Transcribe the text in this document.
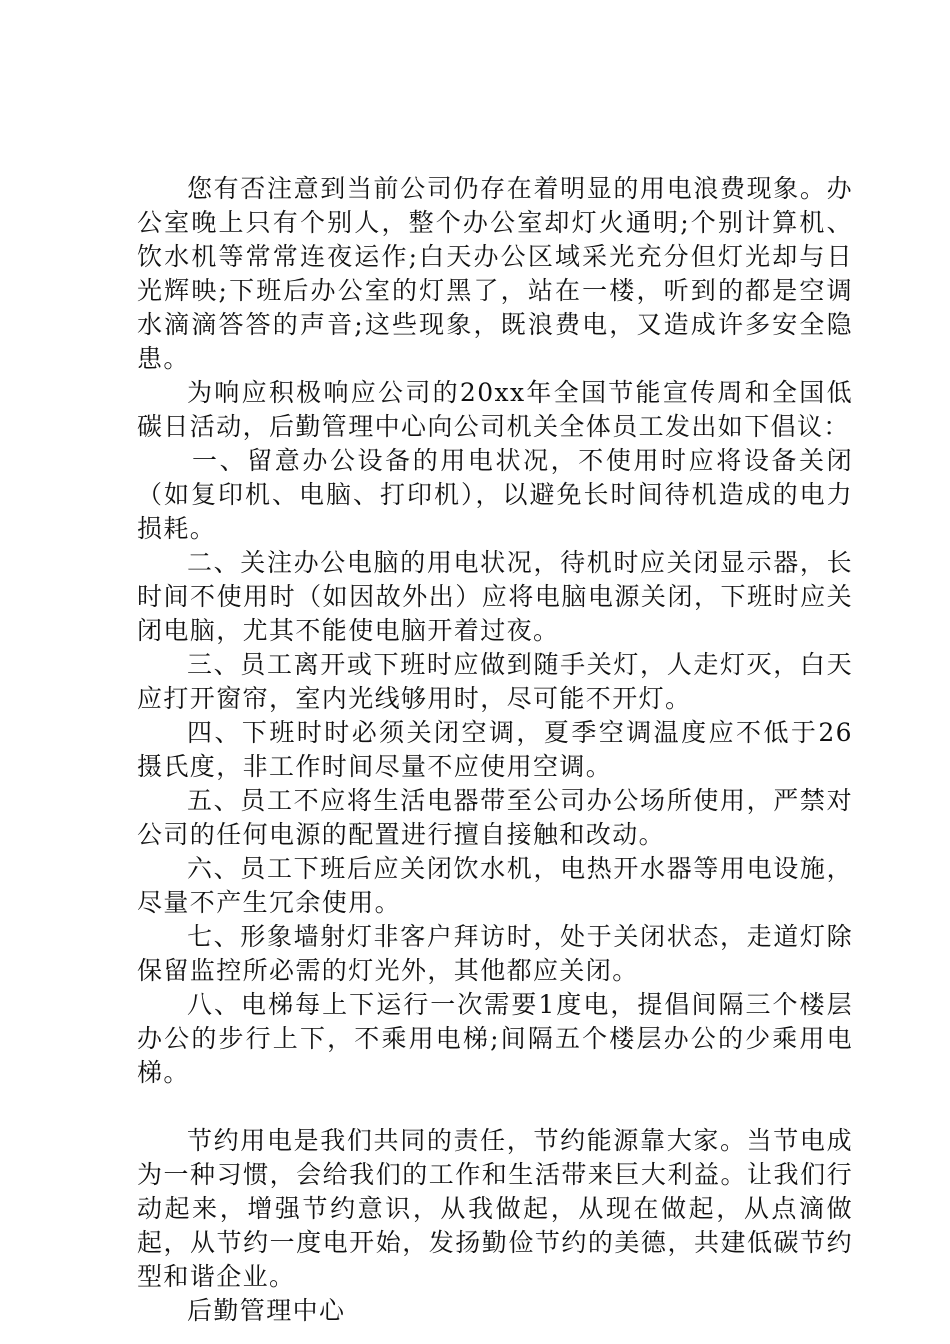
您有否注意到当前公司仍存在着明显的用电浪费现象。办公室晚上只有个别人，整个办公室却灯火通明;个别计算机、饮水机等常常连夜运作;白天办公区域采光充分但灯光却与日光辉映;下班后办公室的灯黑了，站在一楼，听到的都是空调水滴滴答答的声音;这些现象，既浪费电，又造成许多安全隐患。

为响应积极响应公司的20xx年全国节能宣传周和全国低碳日活动，后勤管理中心向公司机关全体员工发出如下倡议：

一、留意办公设备的用电状况，不使用时应将设备关闭（如复印机、电脑、打印机），以避免长时间待机造成的电力损耗。

二、关注办公电脑的用电状况，待机时应关闭显示器，长时间不使用时（如因故外出）应将电脑电源关闭，下班时应关闭电脑，尤其不能使电脑开着过夜。

三、员工离开或下班时应做到随手关灯，人走灯灭，白天应打开窗帘，室内光线够用时，尽可能不开灯。

四、下班时时必须关闭空调，夏季空调温度应不低于26摄氏度，非工作时间尽量不应使用空调。

五、员工不应将生活电器带至公司办公场所使用，严禁对公司的任何电源的配置进行擅自接触和改动。

六、员工下班后应关闭饮水机，电热开水器等用电设施，尽量不产生冗余使用。

七、形象墙射灯非客户拜访时，处于关闭状态，走道灯除保留监控所必需的灯光外，其他都应关闭。

八、电梯每上下运行一次需要1度电，提倡间隔三个楼层办公的步行上下，不乘用电梯;间隔五个楼层办公的少乘用电梯。

节约用电是我们共同的责任，节约能源靠大家。当节电成为一种习惯，会给我们的工作和生活带来巨大利益。让我们行动起来，增强节约意识，从我做起，从现在做起，从点滴做起，从节约一度电开始，发扬勤俭节约的美德，共建低碳节约型和谐企业。

后勤管理中心
